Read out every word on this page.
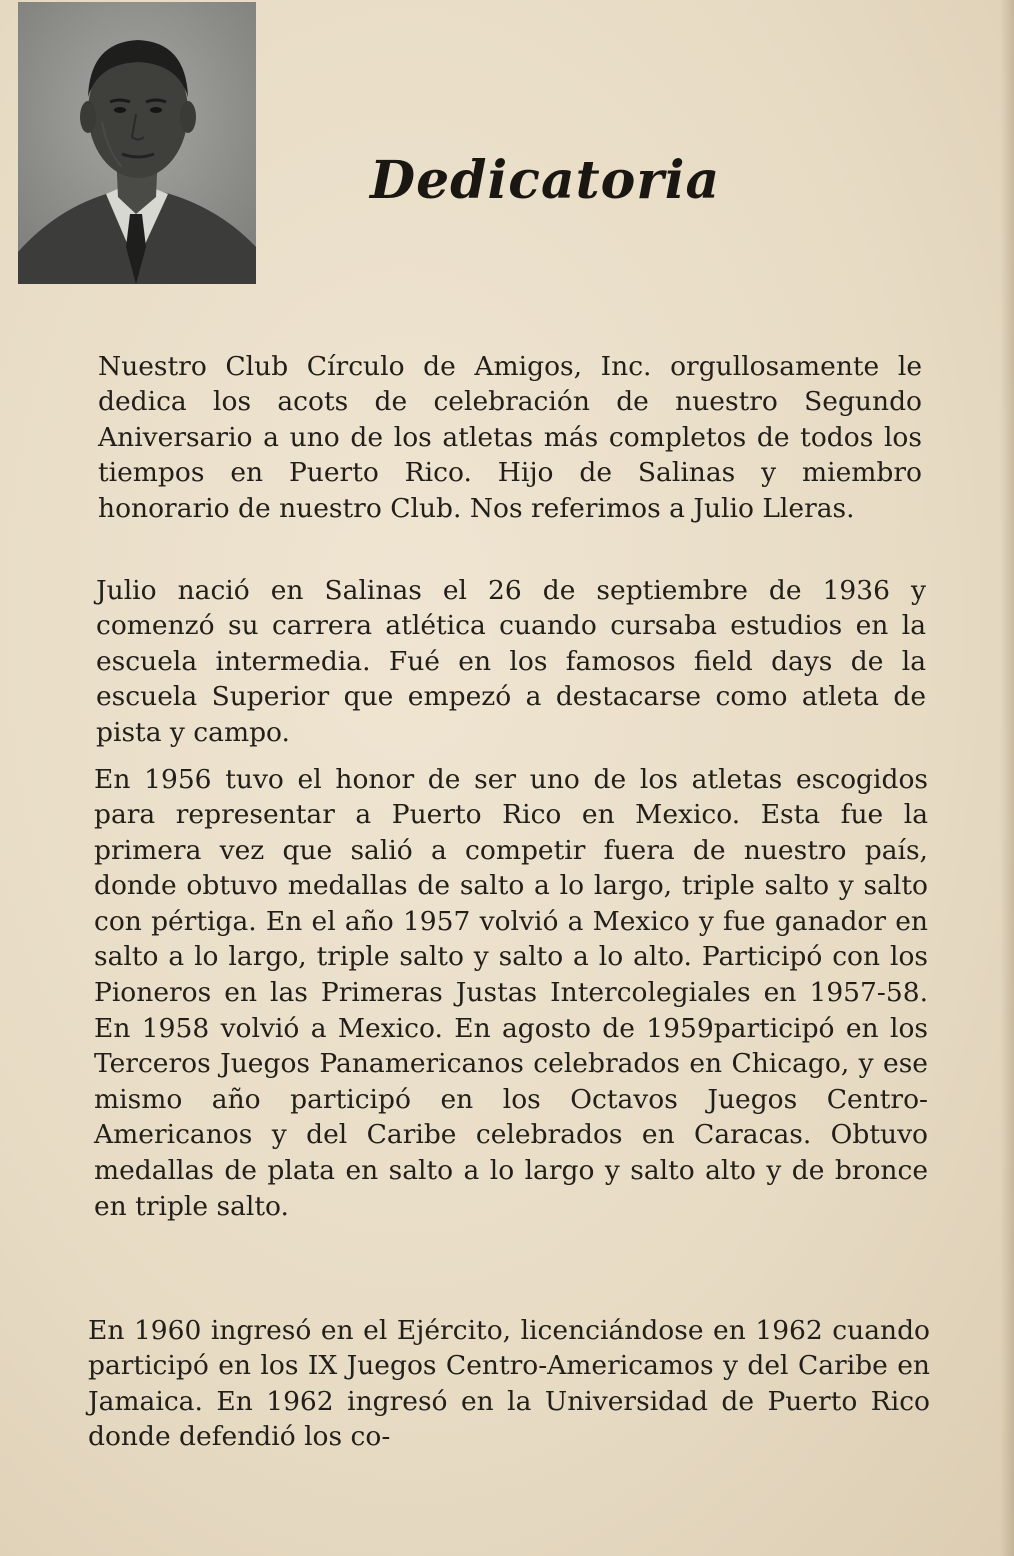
Dedicatoria

Nuestro Club Círculo de Amigos, Inc. orgullosamente le dedica los acots de celebración de nuestro Segundo Aniversario a uno de los atletas más completos de todos los tiempos en Puerto Rico. Hijo de Salinas y miembro honorario de nuestro Club. Nos referimos a Julio Lleras.

Julio nació en Salinas el 26 de septiembre de 1936 y comenzó su carrera atlética cuando cursaba estudios en la escuela intermedia. Fué en los famosos field days de la escuela Superior que empezó a destacarse como atleta de pista y campo.

En 1956 tuvo el honor de ser uno de los atletas escogidos para representar a Puerto Rico en Mexico. Esta fue la primera vez que salió a competir fuera de nuestro país, donde obtuvo medallas de salto a lo largo, triple salto y salto con pértiga. En el año 1957 volvió a Mexico y fue ganador en salto a lo largo, triple salto y salto a lo alto. Participó con los Pioneros en las Primeras Justas Intercolegiales en 1957-58. En 1958 volvió a Mexico. En agosto de 1959participó en los Terceros Juegos Panamericanos celebrados en Chicago, y ese mismo año participó en los Octavos Juegos Centro-Americanos y del Caribe celebrados en Caracas. Obtuvo medallas de plata en salto a lo largo y salto alto y de bronce en triple salto.

En 1960 ingresó en el Ejército, licenciándose en 1962 cuando participó en los IX Juegos Centro-Americamos y del Caribe en Jamaica. En 1962 ingresó en la Universidad de Puerto Rico donde defendió los co-
